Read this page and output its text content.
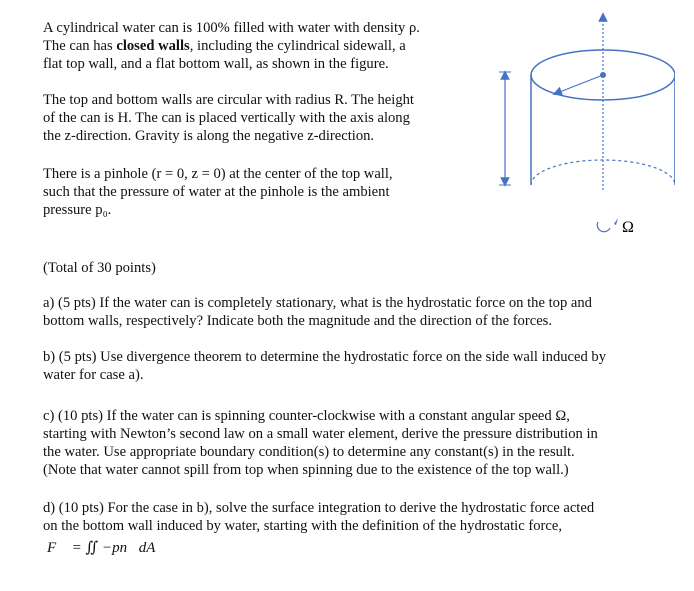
A cylindrical water can is 100% filled with water with density ρ.
The can has closed walls, including the cylindrical sidewall, a
flat top wall, and a flat bottom wall, as shown in the figure.
The top and bottom walls are circular with radius R. The height
of the can is H. The can is placed vertically with the axis along
the z-direction. Gravity is along the negative z-direction.
There is a pinhole (r = 0, z = 0) at the center of the top wall,
such that the pressure of water at the pinhole is the ambient
pressure p₀.
(Total of 30 points)
a) (5 pts) If the water can is completely stationary, what is the hydrostatic force on the top and
bottom walls, respectively? Indicate both the magnitude and the direction of the forces.
b) (5 pts) Use divergence theorem to determine the hydrostatic force on the side wall induced by
water for case a).
c) (10 pts) If the water can is spinning counter-clockwise with a constant angular speed Ω,
starting with Newton’s second law on a small water element, derive the pressure distribution in
the water. Use appropriate boundary condition(s) to determine any constant(s) in the result.
(Note that water cannot spill from top when spinning due to the existence of the top wall.)
d) (10 pts) For the case in b), solve the surface integration to derive the hydrostatic force acted
on the bottom wall induced by water, starting with the definition of the hydrostatic force,
F⃗ = ∬ −pn⃗dA
Ω
